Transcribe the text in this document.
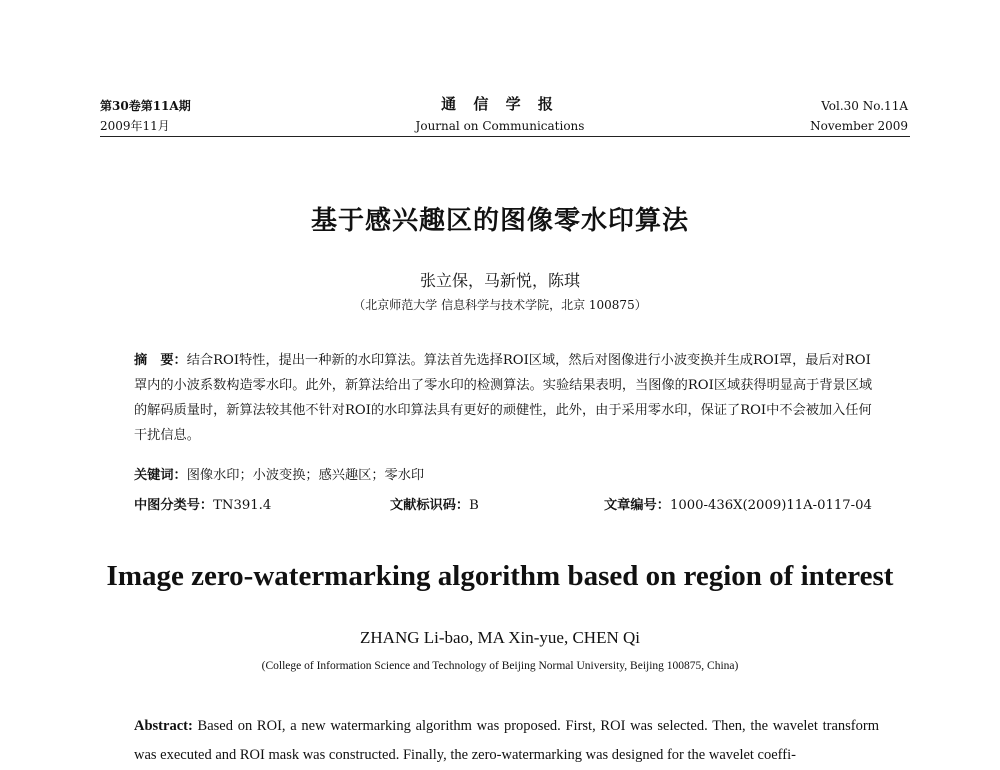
第30卷第11A期
2009年11月
通 信 学 报
Journal on Communications
Vol.30 No.11A
November 2009
基于感兴趣区的图像零水印算法
张立保，马新悦，陈琪
（北京师范大学 信息科学与技术学院，北京 100875）
摘　要：结合ROI特性，提出一种新的水印算法。算法首先选择ROI区域，然后对图像进行小波变换并生成ROI罩，最后对ROI罩内的小波系数构造零水印。此外，新算法给出了零水印的检测算法。实验结果表明，当图像的ROI区域获得明显高于背景区域的解码质量时，新算法较其他不针对ROI的水印算法具有更好的顽健性，此外，由于采用零水印，保证了ROI中不会被加入任何干扰信息。
关键词：图像水印；小波变换；感兴趣区；零水印
中图分类号：TN391.4	文献标识码：B	文章编号：1000-436X(2009)11A-0117-04
Image zero-watermarking algorithm based on region of interest
ZHANG Li-bao, MA Xin-yue, CHEN Qi
(College of Information Science and Technology of Beijing Normal University, Beijing 100875, China)
Abstract: Based on ROI, a new watermarking algorithm was proposed. First, ROI was selected. Then, the wavelet transform was executed and ROI mask was constructed. Finally, the zero-watermarking was designed for the wavelet coeffi-
